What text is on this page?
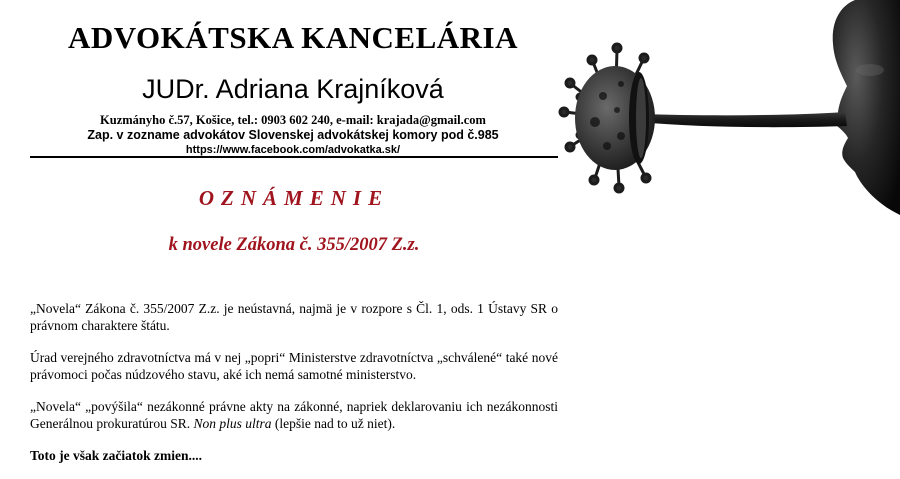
ADVOKÁTSKA KANCELÁRIA
JUDr. Adriana Krajníková
Kuzmányho č.57, Košice, tel.: 0903 602 240, e-mail: krajada@gmail.com
Zap. v zozname advokátov Slovenskej advokátskej komory pod č.985
https://www.facebook.com/advokatka.sk/
OZNÁMENIE
k novele Zákona č. 355/2007 Z.z.

„Novela“ Zákona č. 355/2007 Z.z. je neústavná, najmä je v rozpore s Čl. 1, ods. 1 Ústavy SR o právnom charaktere štátu.

Úrad verejného zdravotníctva má v nej „popri“ Ministerstve zdravotníctva „schválené“ také nové právomoci počas núdzového stavu, aké ich nemá samotné ministerstvo.

„Novela“ „povýšila“ nezákonné právne akty na zákonné, napriek deklarovaniu ich nezákonnosti Generálnou prokuratúrou SR. Non plus ultra (lepšie nad to už niet).

Toto je však začiatok zmien....
